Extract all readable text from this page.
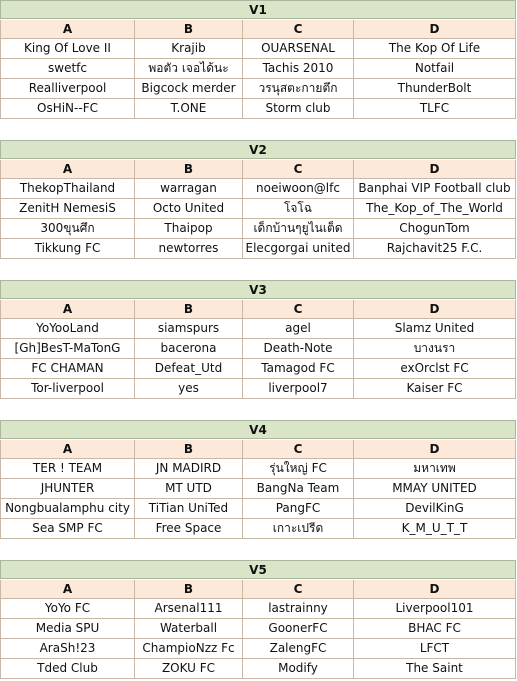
V1
A	B	C	D
King Of Love II	Krajib	OUARSENAL	The Kop Of Life
swetfc	พอตัว เจอได้นะ	Tachis 2010	Notfail
Realliverpool	Bigcock merder	วรนุสตะกายตึก	ThunderBolt
OsHiN--FC	T.ONE	Storm club	TLFC
V2
A	B	C	D
ThekopThailand	warragan	noeiwoon@lfc	Banphai VIP Football club
ZenitH NemesiS	Octo United	โจโฉ	The_Kop_of_The_World
300ขุนศึก	Thaipop	เด็กบ้านๆยูไนเต็ด	ChogunTom
Tikkung FC	newtorres	Elecgorgai united	Rajchavit25 F.C.
V3
A	B	C	D
YoYooLand	siamspurs	agel	Slamz United
[Gh]BesT-MaTonG	bacerona	Death-Note	บางนรา
FC CHAMAN	Defeat_Utd	Tamagod FC	exOrclst FC
Tor-liverpool	yes	liverpool7	Kaiser FC
V4
A	B	C	D
TER ! TEAM	JN MADIRD	รุ่นใหญ่ FC	มหาเทพ
JHUNTER	MT UTD	BangNa Team	MMAY UNITED
Nongbualamphu city	TiTian UniTed	PangFC	DevilKinG
Sea SMP FC	Free Space	เกาะเปรีด	K_M_U_T_T
V5
A	B	C	D
YoYo FC	Arsenal111	lastrainny	Liverpool101
Media SPU	Waterball	GoonerFC	BHAC FC
AraSh!23	ChampioNzz Fc	ZalengFC	LFCT
Tded Club	ZOKU FC	Modify	The Saint
